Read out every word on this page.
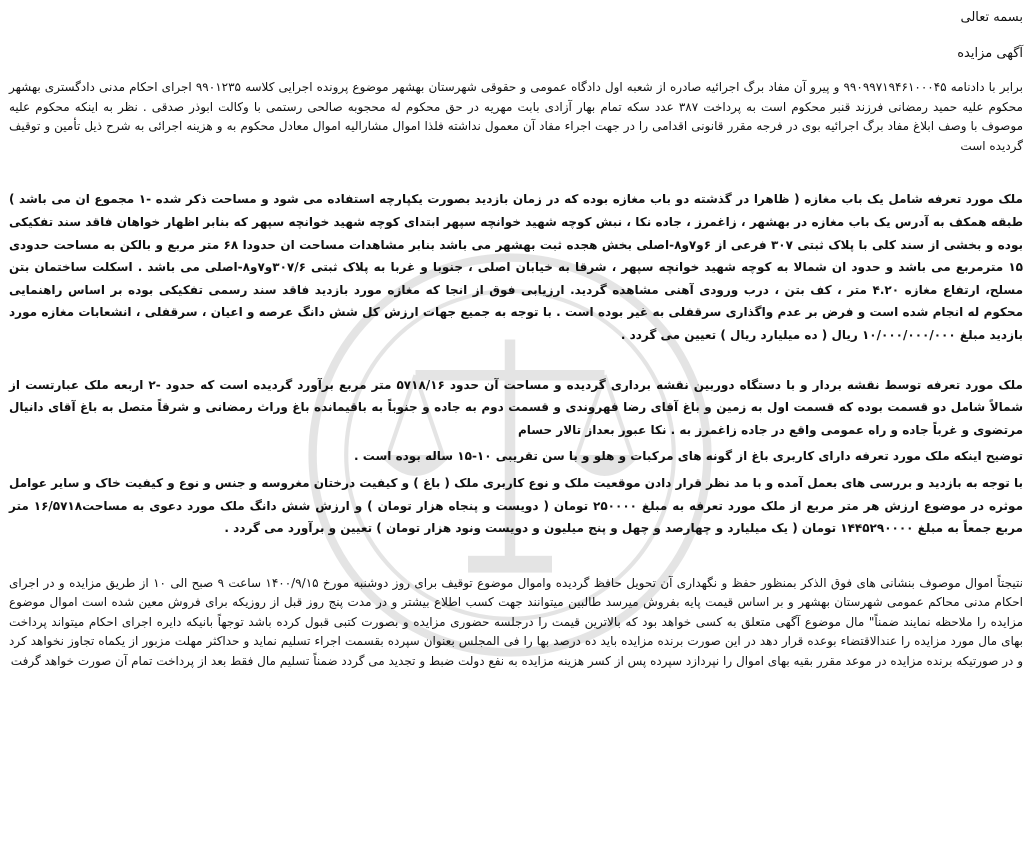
بسمه تعالی

آگهی مزایده

برابر با دادنامه ۹۹۰۹۹۷۱۹۴۶۱۰۰۰۴۵ و پیرو آن مفاد برگ اجرائیه صادره از شعبه اول دادگاه عمومی و حقوقی شهرستان بهشهر موضوع پرونده اجرایی کلاسه ۹۹۰۱۲۳۵ اجرای احکام مدنی دادگستری بهشهر محکوم علیه حمید رمضانی فرزند قنبر محکوم است به پرداخت ۳۸۷ عدد سکه تمام بهار آزادی بابت مهریه در حق محکوم له محجوبه صالحی رستمی با وکالت ابوذر صدقی . نظر به اینکه محکوم علیه موصوف با وصف ابلاغ مفاد برگ اجرائیه بوی در فرجه مقرر قانونی اقدامی را در جهت اجراء مفاد آن معمول نداشته فلذا اموال مشارالیه اموال معادل محکوم به و هزینه اجرائی به شرح ذیل تأمین و توقیف گردیده است

ملک مورد تعرفه شامل یک باب مغازه ( ظاهرا در گذشته دو باب مغازه بوده که در زمان بازدید بصورت یکپارچه استفاده می شود و مساحت ذکر شده -۱ مجموع ان می باشد ) طبقه همکف به آدرس یک باب مغازه در بهشهر ، زاغمرز ، جاده نکا ، نبش کوچه شهید خوانچه سپهر ابتدای کوچه شهید خوانچه سپهر که بنابر اظهار خواهان فاقد سند تفکیکی بوده و بخشی از سند کلی با پلاک ثبتی ۳۰۷ فرعی از ۶و۷و۸-اصلی بخش هجده ثبت بهشهر می باشد بنابر مشاهدات مساحت ان حدودا ۶۸ متر مربع و بالکن به مساحت حدودی ۱۵ مترمربع می باشد و حدود ان شمالا به کوچه شهید خوانچه سپهر ، شرقا به خیابان اصلی ، جنوبا و غربا به پلاک ثبتی ۳۰۷/۶و۷و۸-اصلی می باشد . اسکلت ساختمان بتن مسلح، ارتفاع مغازه ۴.۲۰ متر ، کف بتن ، درب ورودی آهنی مشاهده گردید. ارزیابی فوق از انجا که مغازه مورد بازدید فاقد سند رسمی تفکیکی بوده بر اساس راهنمایی محکوم له انجام شده است و فرض بر عدم واگذاری سرقفلی به غیر بوده است . با توجه به جمیع جهات ارزش کل شش دانگ عرصه و اعیان ، سرقفلی ، انشعابات مغازه مورد بازدید مبلغ ۱۰/۰۰۰/۰۰۰/۰۰۰ ریال ( ده میلیارد ریال ) تعیین می گردد .

ملک مورد تعرفه توسط نقشه بردار و با دستگاه دوربین نقشه برداری گردیده و مساحت آن حدود ۵۷۱۸/۱۶ متر مربع برآورد گردیده است که حدود -۲ اربعه ملک عبارتست از شمالاً شامل دو قسمت بوده که قسمت اول به زمین و باغ آقای رضا فهروندی و قسمت دوم به جاده و جنوباً به باقیمانده باغ وراث رمضانی و شرقاً متصل به باغ آقای دانیال مرتضوی و غرباً جاده و راه عمومی واقع در جاده زاغمرز به . نکا عبور بعداز تالار حسام

توضیح اینکه ملک مورد تعرفه دارای کاربری باغ از گونه های مرکبات و هلو و با سن تقریبی ۱۰-۱۵ ساله بوده است .

با توجه به بازدید و بررسی های بعمل آمده و با مد نظر قرار دادن موقعیت ملک و نوع کاربری ملک ( باغ ) و کیفیت درختان مغروسه و جنس و نوع و کیفیت خاک و سایر عوامل موثره در موضوع ارزش هر متر مربع از ملک مورد تعرفه به مبلغ ۲۵۰۰۰۰ تومان ( دویست و پنجاه هزار تومان ) و ارزش شش دانگ ملک مورد دعوی به مساحت۱۶/۵۷۱۸ متر مربع جمعاً به مبلغ ۱۴۴۵۲۹۰۰۰۰ تومان ( یک میلیارد و چهارصد و چهل و پنج میلیون و دویست ونود هزار تومان ) تعیین و برآورد می گردد .

نتیجتاً اموال موصوف بنشانی های فوق الذکر بمنظور حفظ و نگهداری آن تحویل حافظ گردیده واموال موضوع توقیف برای روز دوشنبه مورخ ۱۴۰۰/۹/۱۵ ساعت ۹ صبح الی ۱۰ از طریق مزایده و در اجرای احکام مدنی محاکم عمومی شهرستان بهشهر و بر اساس قیمت پایه بفروش میرسد طالبین میتوانند جهت کسب اطلاع بیشتر و در مدت پنج روز قبل از روزیکه برای فروش معین شده است اموال موضوع مزایده را ملاحظه نمایند ضمناً" مال موضوع آگهی متعلق به کسی خواهد بود که بالاترین قیمت را درجلسه حضوری مزایده و بصورت کتبی قبول کرده باشد توجهاً بانیکه دایره اجرای احکام میتواند پرداخت بهای مال مورد مزایده را عندالاقتضاء بوعده قرار دهد در این صورت برنده مزایده باید ده درصد بها را فی المجلس بعنوان سپرده بقسمت اجراء تسلیم نماید و حداکثر مهلت مزبور از یکماه تجاوز نخواهد کرد و در صورتیکه برنده مزایده در موعد مقرر بقیه بهای اموال را نپردازد سپرده پس از کسر هزینه مزایده به نفع دولت ضبط و تجدید می گردد ضمناً تسلیم مال فقط بعد از پرداخت تمام آن صورت خواهد گرفت
